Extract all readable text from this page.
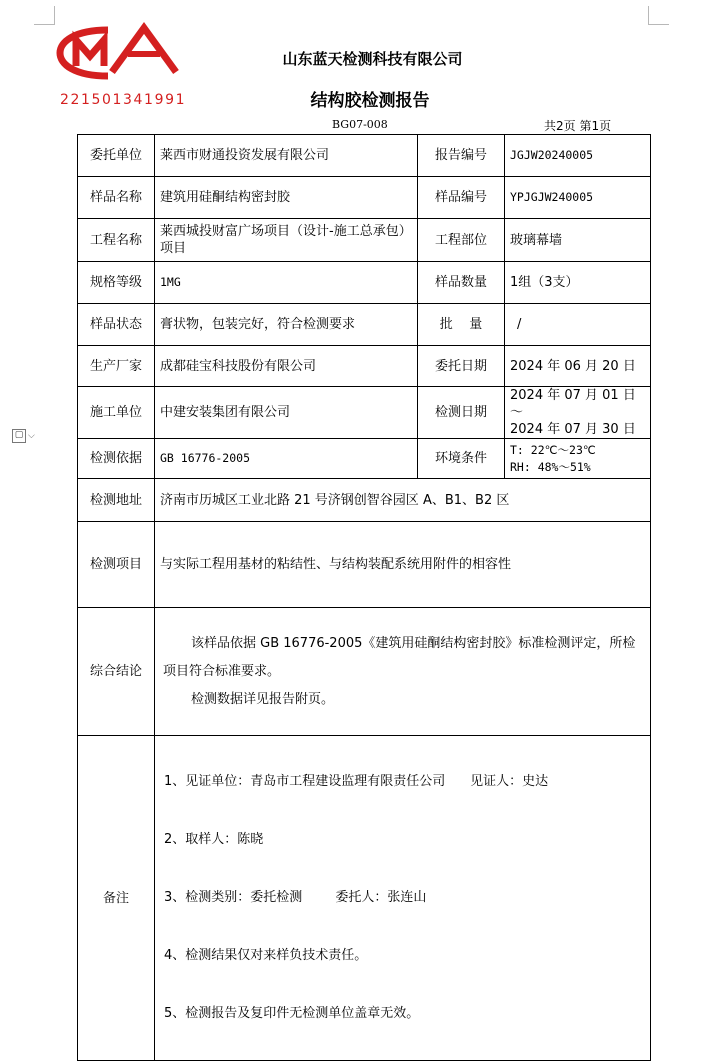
221501341991
山东蓝天检测科技有限公司
结构胶检测报告
BG07-008	共2页 第1页
▢ ⌵
委托单位	莱西市财通投资发展有限公司	报告编号	JGJW20240005
样品名称	建筑用硅酮结构密封胶	样品编号	YPJGJW240005
工程名称	莱西城投财富广场项目（设计-施工总承包）项目	工程部位	玻璃幕墙
规格等级	1MG	样品数量	1组（3支）
样品状态	膏状物，包装完好，符合检测要求	批    量	/
生产厂家	成都硅宝科技股份有限公司	委托日期	2024 年 06 月 20 日
施工单位	中建安装集团有限公司	检测日期	2024 年 07 月 01 日～
2024 年 07 月 30 日

检测依据	GB 16776-2005	环境条件	T: 22℃～23℃
RH: 48%～51%

检测地址	济南市历城区工业北路 21 号济钢创智谷园区 A、B1、B2 区		
检测项目	与实际工程用基材的粘结性、与结构装配系统用附件的相容性		
综合结论	该样品依据 GB 16776-2005《建筑用硅酮结构密封胶》标准检测评定，所检项目符合标准要求。

检测数据详见报告附页。		

备注	1、见证单位：青岛市工程建设监理有限责任公司      见证人：史达

2、取样人：陈晓

3、检测类别：委托检测        委托人：张连山

4、检测结果仅对来样负技术责任。

5、检测报告及复印件无检测单位盖章无效。		
